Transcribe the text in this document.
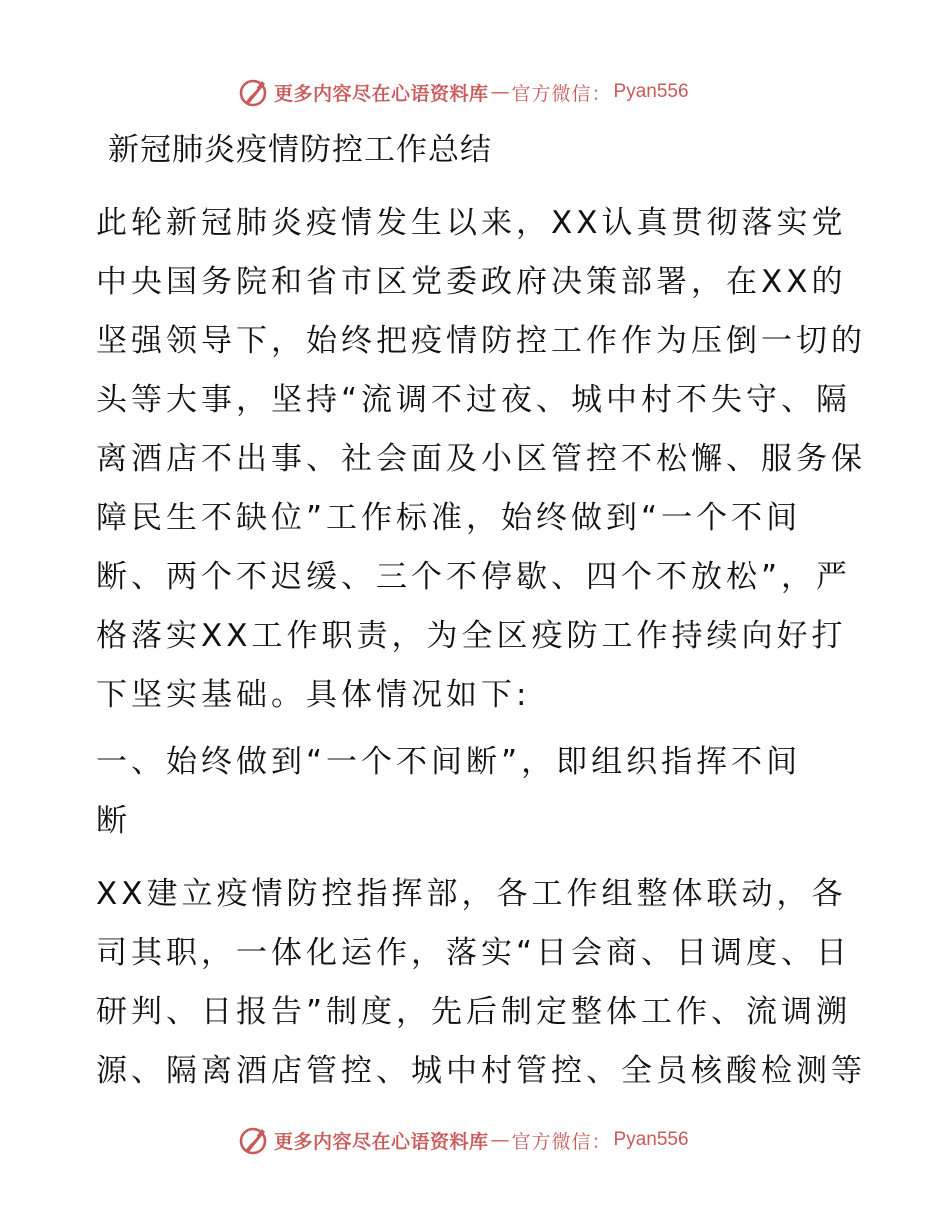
更多内容尽在心语资料库 — 官方微信： Pyan556
新冠肺炎疫情防控工作总结
此轮新冠肺炎疫情发生以来，XX认真贯彻落实党
中央国务院和省市区党委政府决策部署，在XX的
坚强领导下，始终把疫情防控工作作为压倒一切的
头等大事，坚持“流调不过夜、城中村不失守、隔
离酒店不出事、社会面及小区管控不松懈、服务保
障民生不缺位”工作标准，始终做到“一个不间
断、两个不迟缓、三个不停歇、四个不放松”，严
格落实XX工作职责，为全区疫防工作持续向好打
下坚实基础。具体情况如下:
一、始终做到“一个不间断”，即组织指挥不间
断
XX建立疫情防控指挥部，各工作组整体联动，各
司其职，一体化运作，落实“日会商、日调度、日
研判、日报告”制度，先后制定整体工作、流调溯
源、隔离酒店管控、城中村管控、全员核酸检测等
更多内容尽在心语资料库 — 官方微信： Pyan556
